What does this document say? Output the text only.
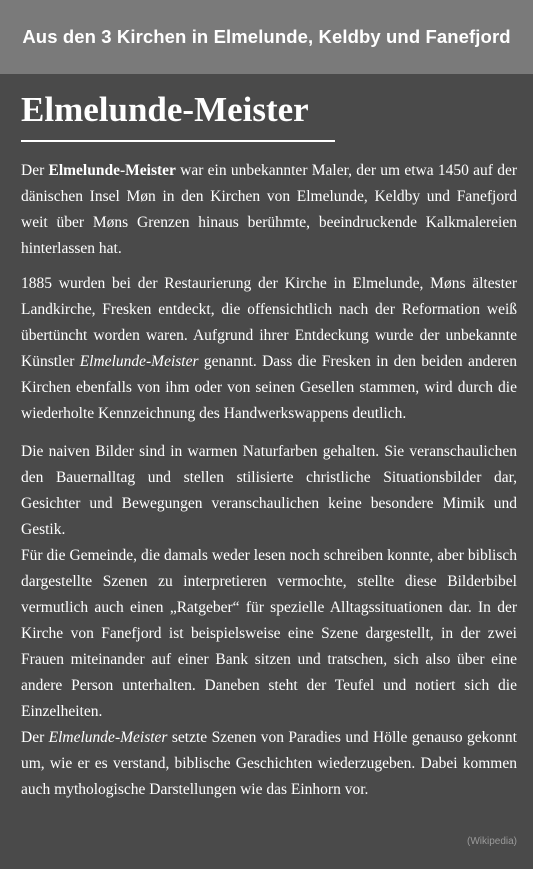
Aus den 3 Kirchen in Elmelunde, Keldby und Fanefjord
Elmelunde-Meister

Der Elmelunde-Meister war ein unbekannter Maler, der um etwa 1450 auf der dänischen Insel Møn in den Kirchen von Elmelunde, Keldby und Fanefjord weit über Møns Grenzen hinaus berühmte, beeindruckende Kalkmalereien hinterlassen hat.

1885 wurden bei der Restaurierung der Kirche in Elmelunde, Møns ältester Landkirche, Fresken entdeckt, die offensichtlich nach der Reformation weiß übertüncht worden waren. Aufgrund ihrer Entdeckung wurde der unbekannte Künstler Elmelunde-Meister genannt. Dass die Fresken in den beiden anderen Kirchen ebenfalls von ihm oder von seinen Gesellen stammen, wird durch die wiederholte Kennzeichnung des Handwerkswappens deutlich.

Die naiven Bilder sind in warmen Naturfarben gehalten. Sie veranschaulichen den Bauernalltag und stellen stilisierte christliche Situationsbilder dar, Gesichter und Bewegungen veranschaulichen keine besondere Mimik und Gestik.

Für die Gemeinde, die damals weder lesen noch schreiben konnte, aber biblisch dargestellte Szenen zu interpretieren vermochte, stellte diese Bilderbibel vermutlich auch einen „Ratgeber“ für spezielle Alltagssituationen dar. In der Kirche von Fanefjord ist beispielsweise eine Szene dargestellt, in der zwei Frauen miteinander auf einer Bank sitzen und tratschen, sich also über eine andere Person unterhalten. Daneben steht der Teufel und notiert sich die Einzelheiten.

Der Elmelunde-Meister setzte Szenen von Paradies und Hölle genauso gekonnt um, wie er es verstand, biblische Geschichten wiederzugeben. Dabei kommen auch mythologische Darstellungen wie das Einhorn vor.

(Wikipedia)
